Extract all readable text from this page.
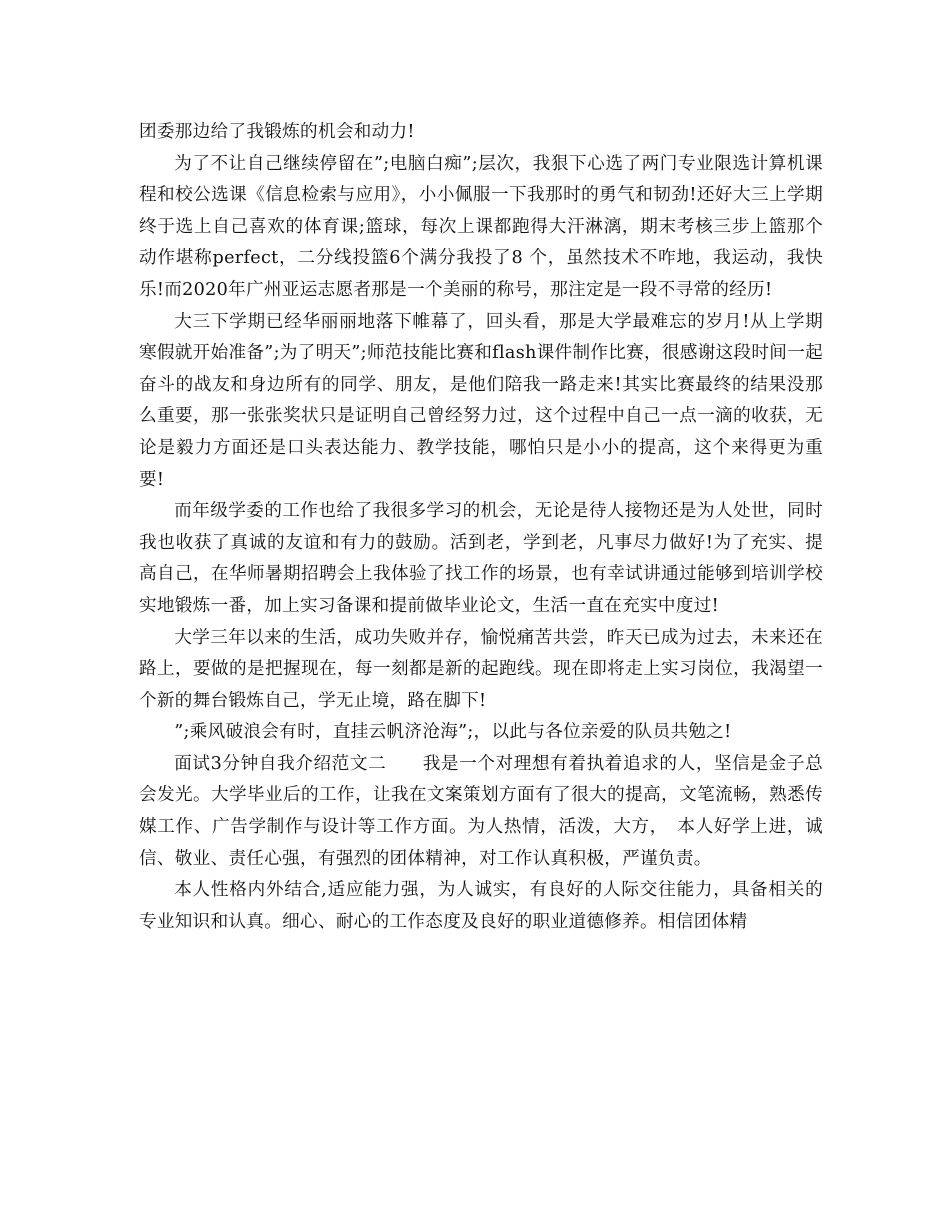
团委那边给了我锻炼的机会和动力!

为了不让自己继续停留在”;电脑白痴”;层次，我狠下心选了两门专业限选计算机课程和校公选课《信息检索与应用》，小小佩服一下我那时的勇气和韧劲!还好大三上学期终于选上自己喜欢的体育课;篮球，每次上课都跑得大汗淋漓，期末考核三步上篮那个动作堪称perfect，二分线投篮6个满分我投了8 个，虽然技术不咋地，我运动，我快乐!而2020年广州亚运志愿者那是一个美丽的称号，那注定是一段不寻常的经历!

大三下学期已经华丽丽地落下帷幕了，回头看，那是大学最难忘的岁月!从上学期寒假就开始准备”;为了明天”;师范技能比赛和flash课件制作比赛，很感谢这段时间一起奋斗的战友和身边所有的同学、朋友，是他们陪我一路走来!其实比赛最终的结果没那么重要，那一张张奖状只是证明自己曾经努力过，这个过程中自己一点一滴的收获，无论是毅力方面还是口头表达能力、教学技能，哪怕只是小小的提高，这个来得更为重要!

而年级学委的工作也给了我很多学习的机会，无论是待人接物还是为人处世，同时我也收获了真诚的友谊和有力的鼓励。活到老，学到老，凡事尽力做好!为了充实、提高自己，在华师暑期招聘会上我体验了找工作的场景，也有幸试讲通过能够到培训学校实地锻炼一番，加上实习备课和提前做毕业论文，生活一直在充实中度过!

大学三年以来的生活，成功失败并存，愉悦痛苦共尝，昨天已成为过去，未来还在路上，要做的是把握现在，每一刻都是新的起跑线。现在即将走上实习岗位，我渴望一个新的舞台锻炼自己，学无止境，路在脚下!

”;乘风破浪会有时，直挂云帆济沧海”;，以此与各位亲爱的队员共勉之!

面试3分钟自我介绍范文二　　我是一个对理想有着执着追求的人，坚信是金子总会发光。大学毕业后的工作，让我在文案策划方面有了很大的提高，文笔流畅，熟悉传媒工作、广告学制作与设计等工作方面。为人热情，活泼，大方，　本人好学上进，诚信、敬业、责任心强，有强烈的团体精神，对工作认真积极，严谨负责。

本人性格内外结合,适应能力强，为人诚实，有良好的人际交往能力，具备相关的专业知识和认真。细心、耐心的工作态度及良好的职业道德修养。相信团体精
